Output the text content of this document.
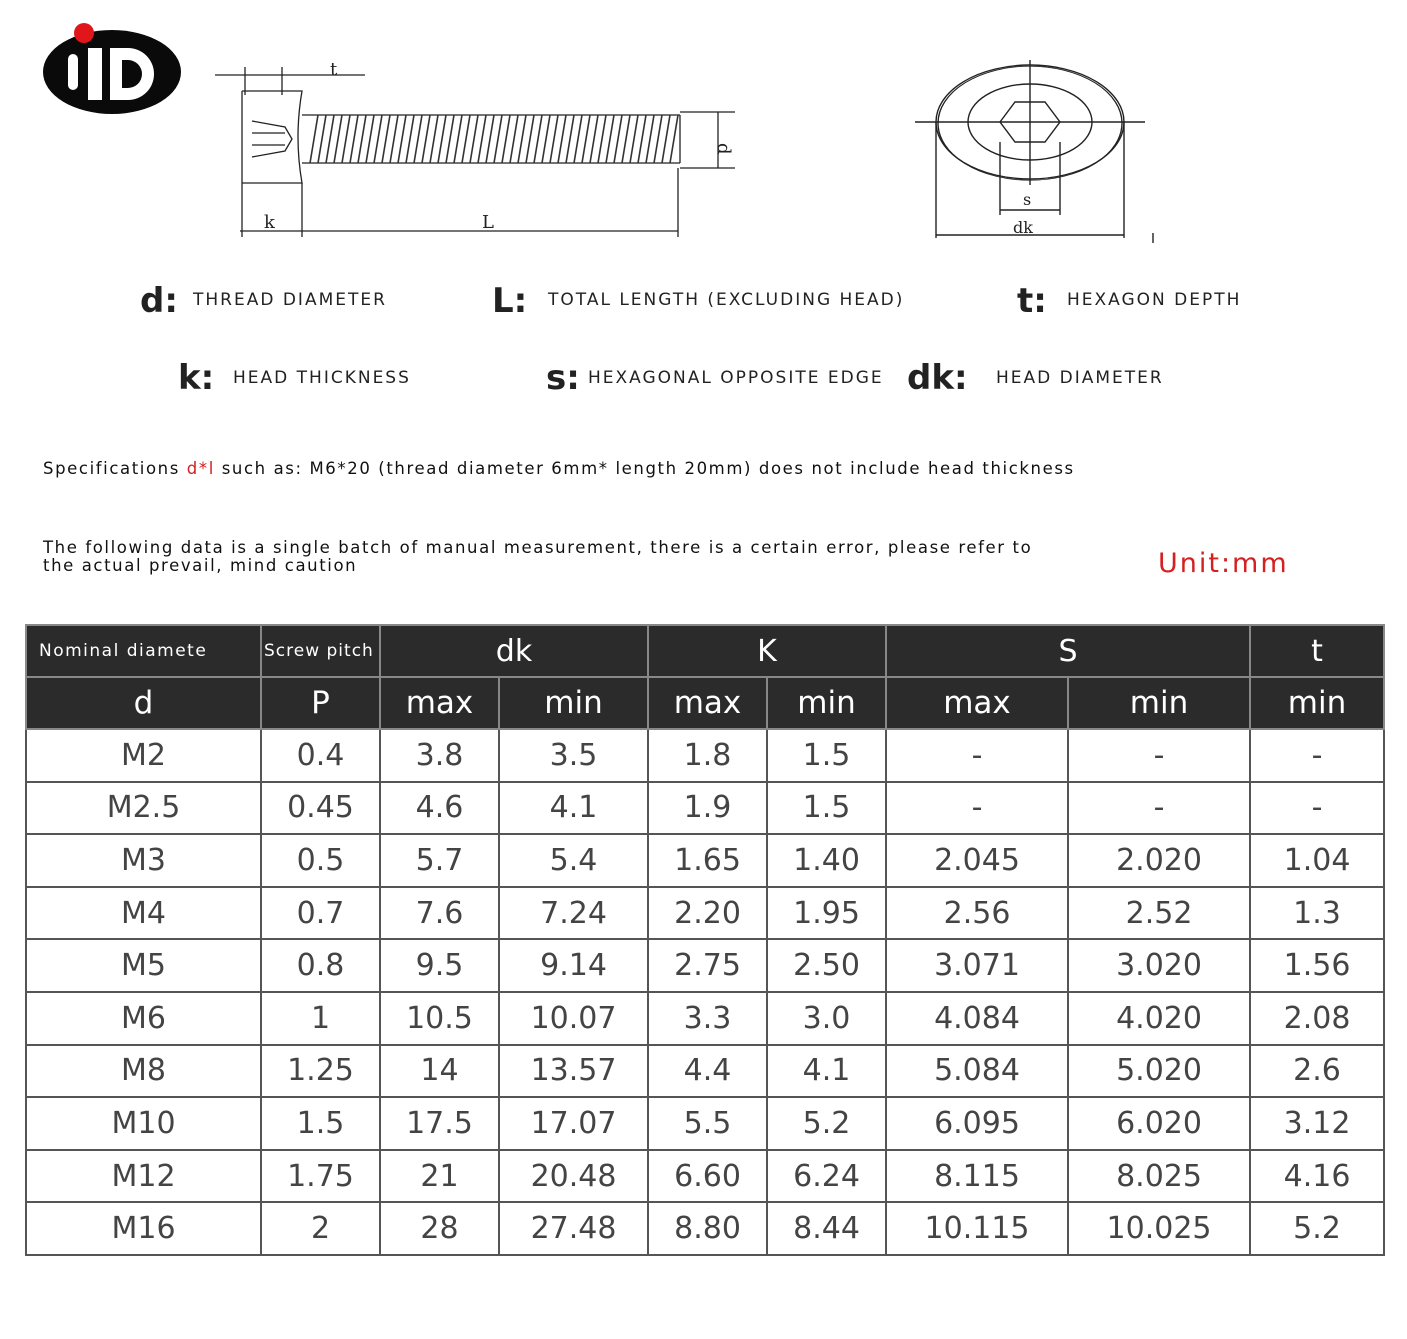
t
d
k	L
s
dk
d: THREAD DIAMETER	L: TOTAL LENGTH (EXCLUDING HEAD)	t: HEXAGON DEPTH
k: HEAD THICKNESS	s: HEXAGONAL OPPOSITE EDGE dk: HEAD DIAMETER
Specifications d*l such as: M6*20 (thread diameter 6mm* length 20mm) does not include head thickness
The following data is a single batch of manual measurement, there is a certain error, please refer to
the actual prevail, mind caution	Unit:mm
Nominal diamete	Screw pitch	dk		K		S		t
d	P	max	min	max	min	max	min	min
M2	0.4	3.8	3.5	1.8	1.5	-	-	-
M2.5	0.45	4.6	4.1	1.9	1.5	-	-	-
M3	0.5	5.7	5.4	1.65	1.40	2.045	2.020	1.04
M4	0.7	7.6	7.24	2.20	1.95	2.56	2.52	1.3
M5	0.8	9.5	9.14	2.75	2.50	3.071	3.020	1.56
M6	1	10.5	10.07	3.3	3.0	4.084	4.020	2.08
M8	1.25	14	13.57	4.4	4.1	5.084	5.020	2.6
M10	1.5	17.5	17.07	5.5	5.2	6.095	6.020	3.12
M12	1.75	21	20.48	6.60	6.24	8.115	8.025	4.16
M16	2	28	27.48	8.80	8.44	10.115	10.025	5.2
